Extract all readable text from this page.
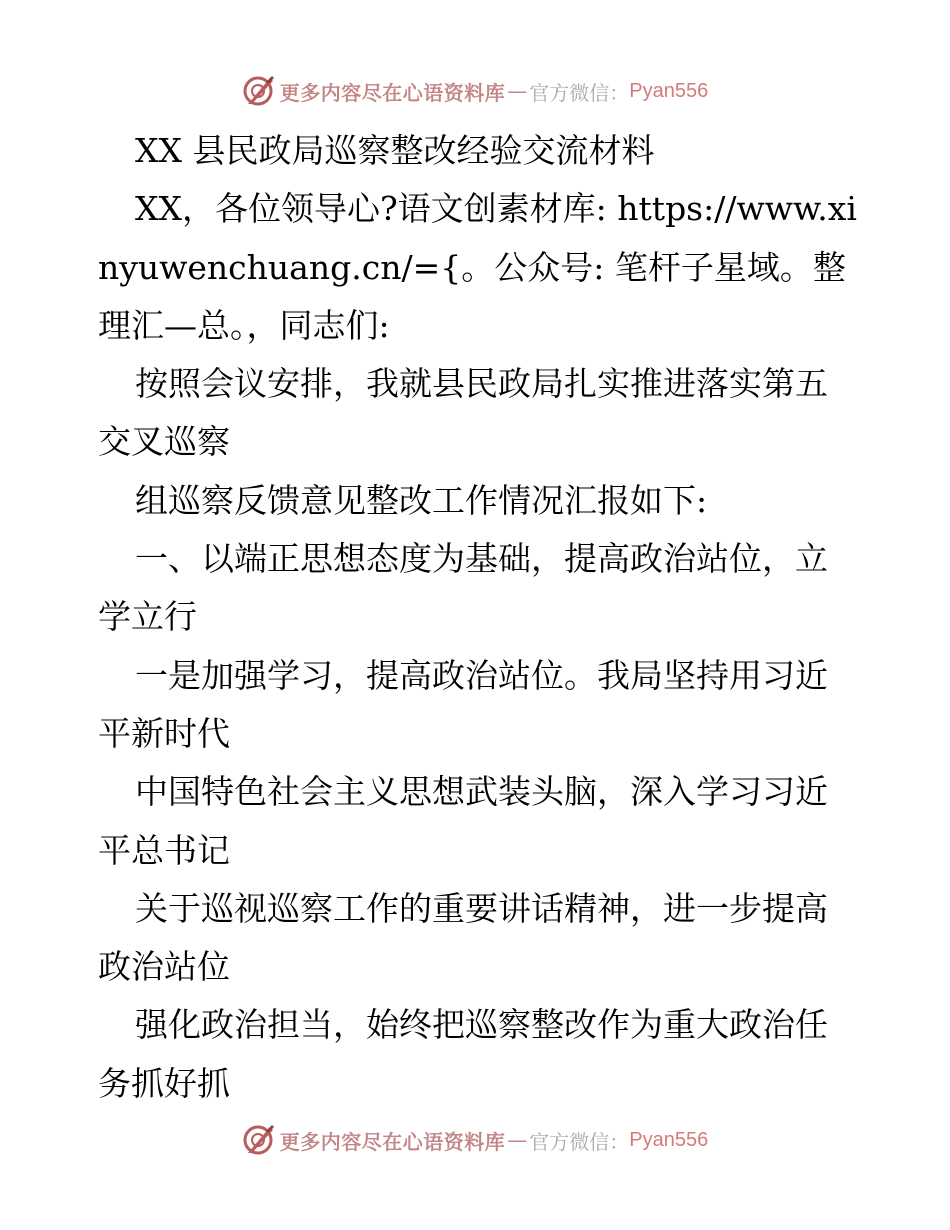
更多内容尽在心语资料库 — 官方微信： Pyan556

XX 县民政局巡察整改经验交流材料

XX，各位领导心?语文创素材库: https://www.xinyuwenchuang.cn/={。公众号: 笔杆子星域。整理汇—总。，同志们:

按照会议安排，我就县民政局扎实推进落实第五交叉巡察

组巡察反馈意见整改工作情况汇报如下:

一、以端正思想态度为基础，提高政治站位，立学立行

一是加强学习，提高政治站位。我局坚持用习近平新时代

中国特色社会主义思想武装头脑，深入学习习近平总书记

关于巡视巡察工作的重要讲话精神，进一步提高政治站位

强化政治担当，始终把巡察整改作为重大政治任务抓好抓

更多内容尽在心语资料库 — 官方微信： Pyan556
